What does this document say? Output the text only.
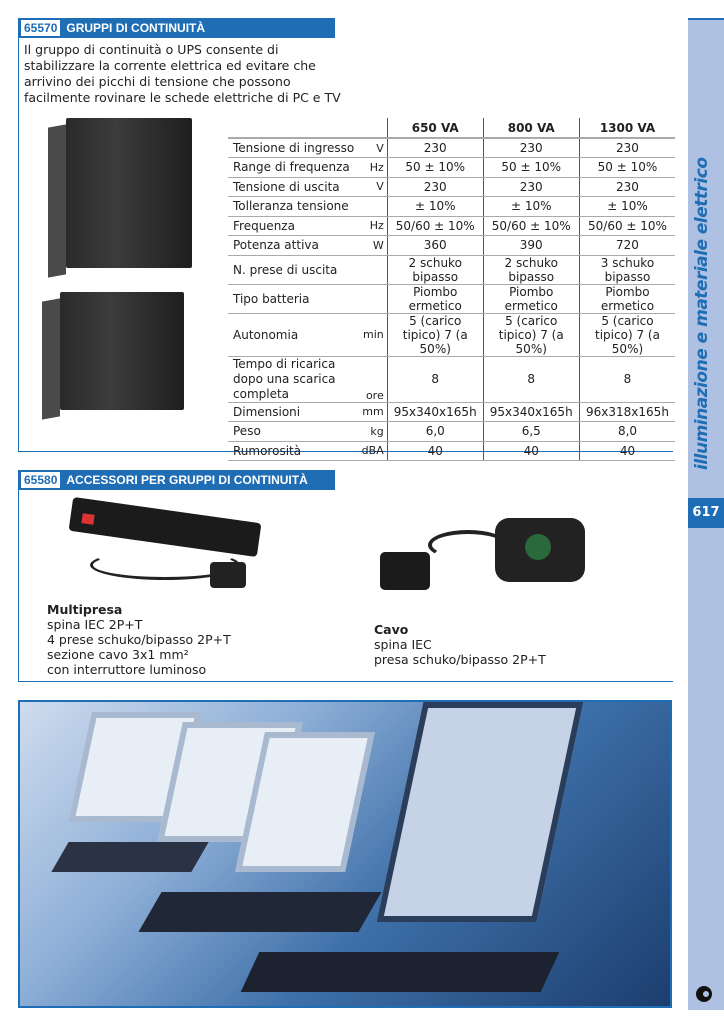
illuminazione e materiale elettrico
617
65570 GRUPPI DI CONTINUITÀ
Il gruppo di continuità o UPS consente di stabilizzare la corrente elettrica ed evitare che arrivino dei picchi di tensione che possono facilmente rovinare le schede elettriche di PC e TV
		650 VA	800 VA	1300 VA
Tensione di ingresso	V	230	230	230
Range di frequenza	Hz	50 ± 10%	50 ± 10%	50 ± 10%
Tensione di uscita	V	230	230	230
Tolleranza tensione		± 10%	± 10%	± 10%
Frequenza	Hz	50/60 ± 10%	50/60 ± 10%	50/60 ± 10%
Potenza attiva	W	360	390	720
N. prese di uscita		2 schuko bipasso	2 schuko bipasso	3 schuko bipasso
Tipo batteria		Piombo ermetico	Piombo ermetico	Piombo ermetico
Autonomia	min	5 (carico tipico) 7 (a 50%)	5 (carico tipico) 7 (a 50%)	5 (carico tipico) 7 (a 50%)
Tempo di ricarica dopo una scarica completa	ore	8	8	8
Dimensioni	mm	95x340x165h	95x340x165h	96x318x165h
Peso	kg	6,0	6,5	8,0
Rumorosità	dBA	40	40	40
65580 ACCESSORI PER GRUPPI DI CONTINUITÀ
Multipresa
spina IEC 2P+T
4 prese schuko/bipasso 2P+T
sezione cavo 3x1 mm²
con interruttore luminoso
Cavo
spina IEC
presa schuko/bipasso 2P+T
